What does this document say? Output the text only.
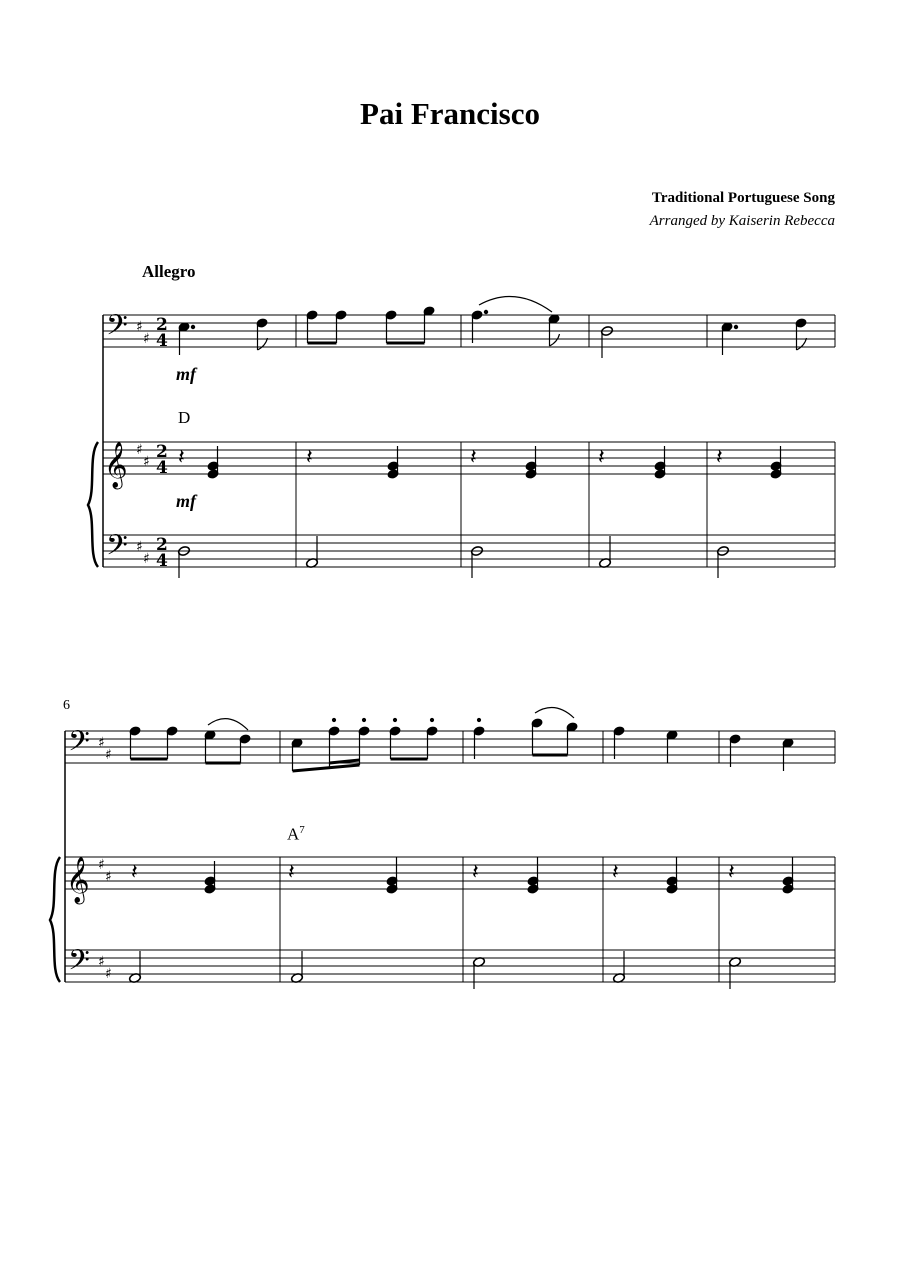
Pai Francisco
Traditional Portuguese Song
Arranged by Kaiserin Rebecca
Allegro
mf
mf
D
$A^7$
6
𝄢
𝄞
𝄢
♯
♯
♯
♯
♯
♯
2
4
2
4
2
4
𝄽	𝄽	𝄽	𝄽	𝄽
𝄢
𝄞
𝄢
♯
♯
♯
♯
♯
♯
𝄽	𝄽	𝄽	𝄽	𝄽
